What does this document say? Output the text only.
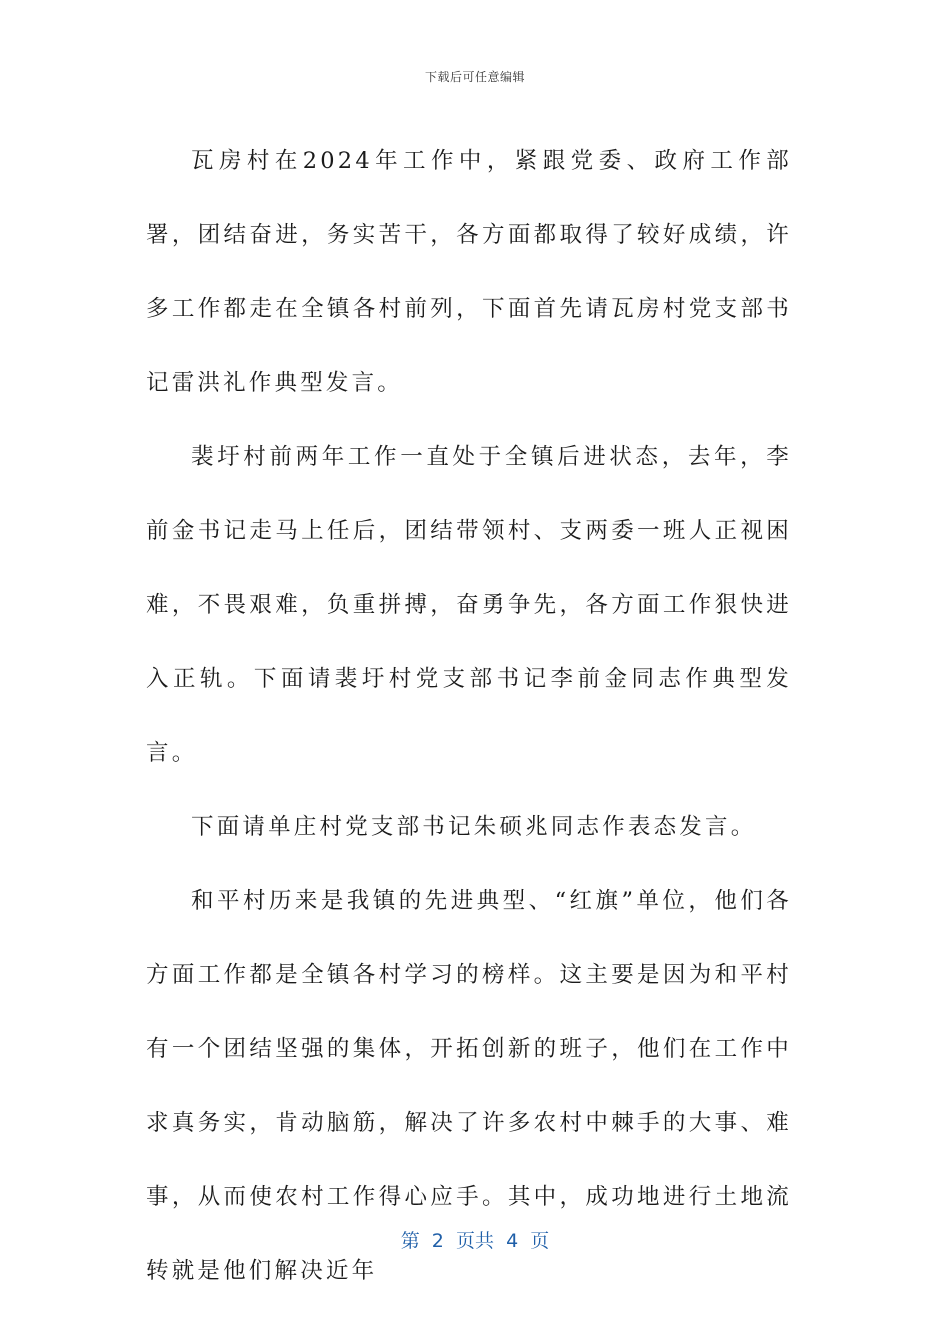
下载后可任意编辑

瓦房村在2024年工作中，紧跟党委、政府工作部署，团结奋进，务实苦干，各方面都取得了较好成绩，许多工作都走在全镇各村前列，下面首先请瓦房村党支部书记雷洪礼作典型发言。

裴圩村前两年工作一直处于全镇后进状态，去年，李前金书记走马上任后，团结带领村、支两委一班人正视困难，不畏艰难，负重拼搏，奋勇争先，各方面工作狠快进入正轨。下面请裴圩村党支部书记李前金同志作典型发言。

下面请单庄村党支部书记朱硕兆同志作表态发言。

和平村历来是我镇的先进典型、“红旗”单位，他们各方面工作都是全镇各村学习的榜样。这主要是因为和平村有一个团结坚强的集体，开拓创新的班子，他们在工作中求真务实，肯动脑筋，解决了许多农村中棘手的大事、难事，从而使农村工作得心应手。其中，成功地进行土地流转就是他们解决近年

第 2 页共 4 页
